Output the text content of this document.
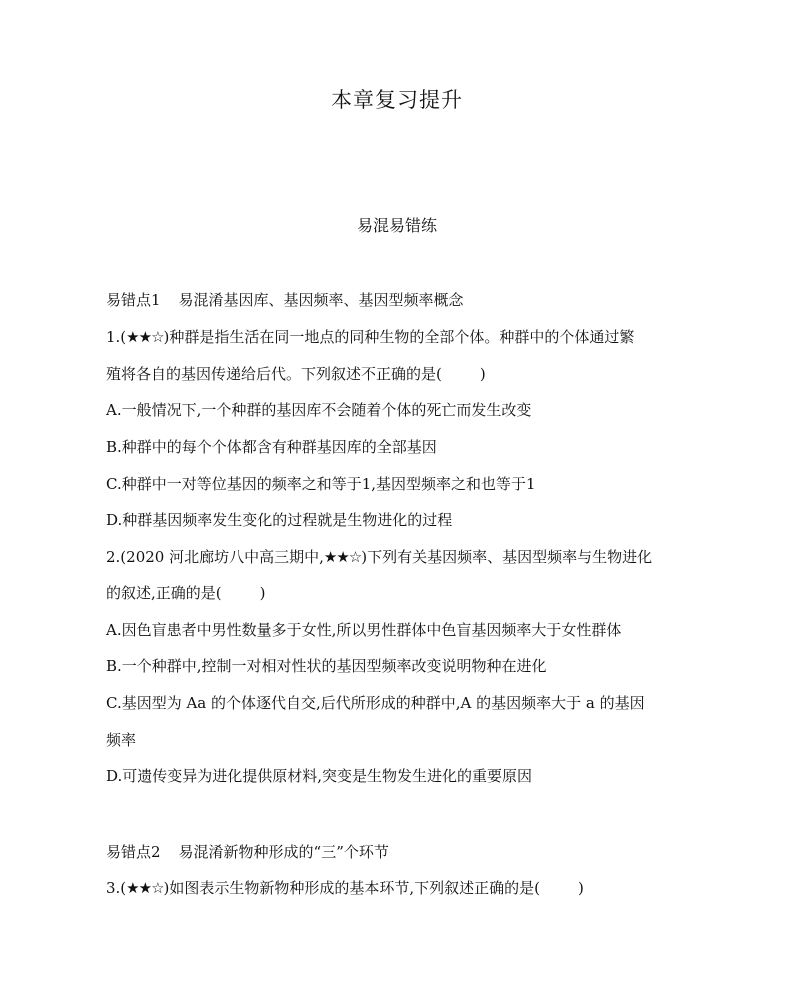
本章复习提升
易混易错练
易错点1 易混淆基因库、基因频率、基因型频率概念
1.(★★☆)种群是指生活在同一地点的同种生物的全部个体。种群中的个体通过繁
殖将各自的基因传递给后代。下列叙述不正确的是(	)
A.一般情况下,一个种群的基因库不会随着个体的死亡而发生改变
B.种群中的每个个体都含有种群基因库的全部基因
C.种群中一对等位基因的频率之和等于1,基因型频率之和也等于1
D.种群基因频率发生变化的过程就是生物进化的过程
2.(2020 河北廊坊八中高三期中,★★☆)下列有关基因频率、基因型频率与生物进化
的叙述,正确的是(	)
A.因色盲患者中男性数量多于女性,所以男性群体中色盲基因频率大于女性群体
B.一个种群中,控制一对相对性状的基因型频率改变说明物种在进化
C.基因型为 Aa 的个体逐代自交,后代所形成的种群中,A 的基因频率大于 a 的基因
频率
D.可遗传变异为进化提供原材料,突变是生物发生进化的重要原因
易错点2 易混淆新物种形成的“三”个环节
3.(★★☆)如图表示生物新物种形成的基本环节,下列叙述正确的是(	)
